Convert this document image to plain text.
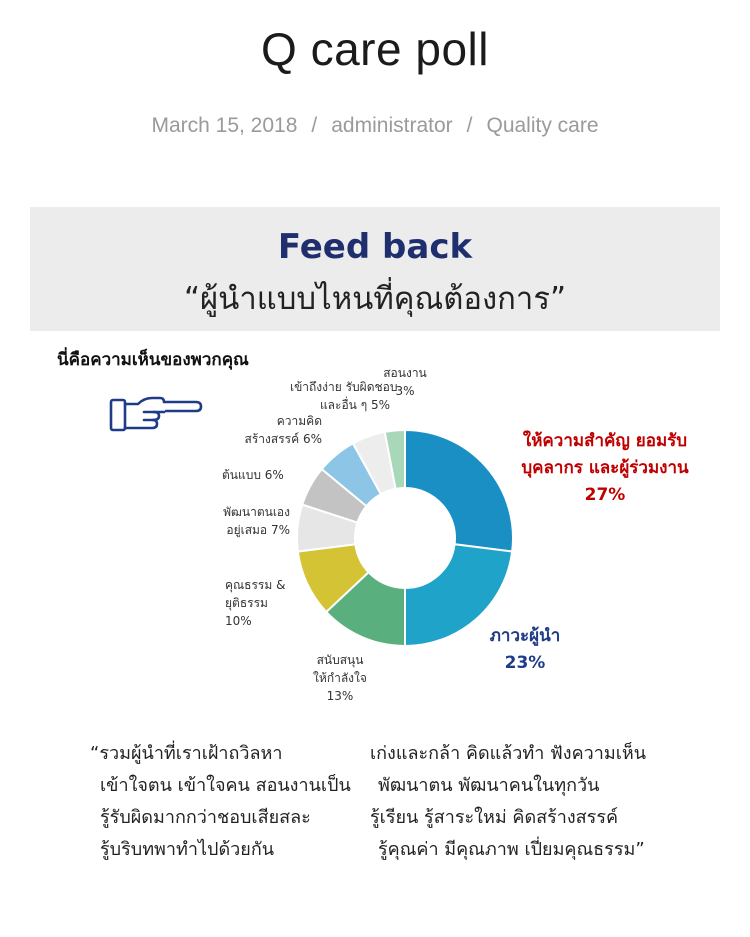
Q care poll
March 15, 2018 / administrator / Quality care
Feed back
“ผู้นำแบบไหนที่คุณต้องการ”
นี่คือความเห็นของพวกคุณ
“รวมผู้นำที่เราเฝ้าถวิลหา
เข้าใจตน เข้าใจคน สอนงานเป็น
รู้รับผิดมากกว่าชอบเสียสละ
รู้บริบทพาทำไปด้วยกัน
เก่งและกล้า คิดแล้วทำ ฟังความเห็น
พัฒนาตน พัฒนาคนในทุกวัน
รู้เรียน รู้สาระใหม่ คิดสร้างสรรค์
รู้คุณค่า มีคุณภาพ เปี่ยมคุณธรรม”
ให้ความสำคัญ ยอมรับ
บุคลากร และผู้ร่วมงาน
27%
ภาวะผู้นำ
23%
สนับสนุน
ให้กำลังใจ
13%
คุณธรรม &
ยุติธรรม
10%
พัฒนาตนเอง
อยู่เสมอ 7%
ต้นแบบ 6%
ความคิด
สร้างสรรค์ 6%
เข้าถึงง่าย รับผิดชอบ
และอื่น ๆ 5%
สอนงาน
3%
